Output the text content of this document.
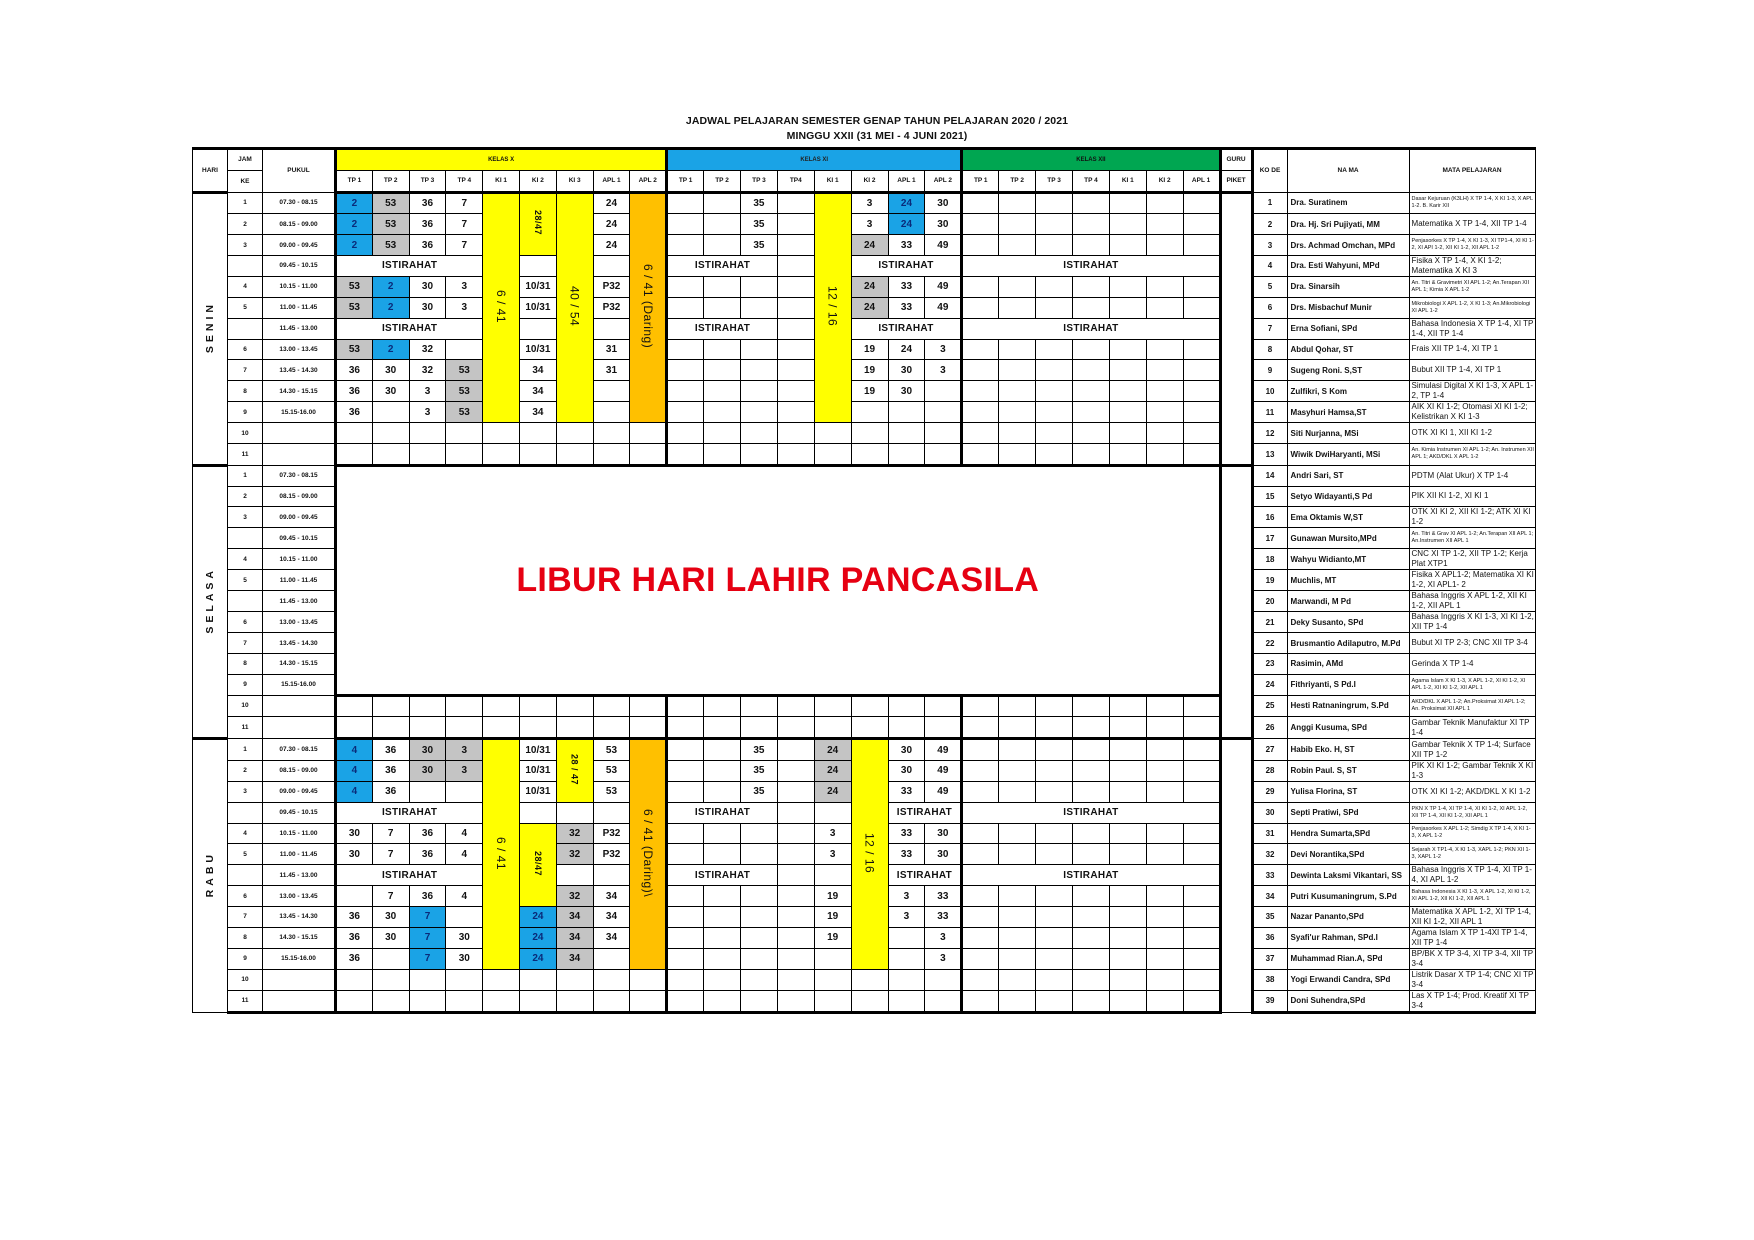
JADWAL PELAJARAN SEMESTER GENAP TAHUN PELAJARAN 2020 / 2021
MINGGU XXII (31 MEI - 4 JUNI 2021)
HARI	JAM	PUKUL	KELAS X									KELAS XI								KELAS XII							GURU	KO DE	NA MA	MATA PELAJARAN
	KE		TP 1	TP 2	TP 3	TP 4	KI 1	KI 2	KI 3	APL 1	APL 2	TP 1	TP 2	TP 3	TP4	KI 1	KI 2	APL 1	APL 2	TP 1	TP 2	TP 3	TP 4	KI 1	KI 2	APL 1	PIKET			
SENIN	1	07.30 - 08.15	2	53	36	7	6 / 41	28/47	40 / 54	24	6 / 41 (Daring)			35		12 / 16	3	24	30									1	Dra. Suratinem	Dasar Kejuruan (K3LH) X TP 1-4, X KI 1-3, X APL 1-2. B. Karir XII
	2	08.15 - 09.00	2	53	36	7				24				35			3	24	30									2	Dra. Hj. Sri Pujiyati, MM	Matematika X TP 1-4, XII TP 1-4
	3	09.00 - 09.45	2	53	36	7				24				35			24	33	49									3	Drs. Achmad Omchan, MPd	Penjasorkes X TP 1-4, X KI 1-3, XI TP1-4, XI KI 1-2, XI API 1-2, XII KI 1-2, XII APL 1-2
		09.45 - 10.15	ISTIRAHAT									ISTIRAHAT					ISTIRAHAT			ISTIRAHAT								4	Dra. Esti Wahyuni, MPd	Fisika X TP 1-4, X KI 1-2; Matematika X KI 3
	4	10.15 - 11.00	53	2	30	3		10/31		P32							24	33	49									5	Dra. Sinarsih	An. Titri & Gravimetri XI APL 1-2; An.Terapan XII APL 1; Kimia X APL 1-2
	5	11.00 - 11.45	53	2	30	3		10/31		P32							24	33	49									6	Drs. Misbachuf Munir	Mikrobiologi X APL 1-2, X KI 1-3; An.Mikrobiologi XI APL 1-2
		11.45 - 13.00	ISTIRAHAT									ISTIRAHAT					ISTIRAHAT			ISTIRAHAT								7	Erna Sofiani, SPd	Bahasa Indonesia X TP 1-4, XI TP 1-4, XII TP 1-4
	6	13.00 - 13.45	53	2	32			10/31		31							19	24	3									8	Abdul Qohar, ST	Frais XII TP 1-4, XI TP 1
	7	13.45 - 14.30	36	30	32	53		34		31							19	30	3									9	Sugeng Roni. S,ST	Bubut XII TP 1-4, XI TP 1
	8	14.30 - 15.15	36	30	3	53		34									19	30										10	Zulfikri, S Kom	Simulasi Digital X KI 1-3, X APL 1-2, TP 1-4
	9	15.15-16.00	36		3	53		34																				11	Masyhuri Hamsa,ST	AIK XI KI 1-2; Otomasi XI KI 1-2; Kelistrikan X KI 1-3
	10																											12	Siti Nurjanna, MSi	OTK XI KI 1, XII KI 1-2
	11																											13	Wiwik DwiHaryanti, MSi	An. Kimia Instrumen XI APL 1-2; An. Instrumen XII APL 1; AKD/DKL X APL 1-2
SELASA	1	07.30 - 08.15	LIBUR HARI LAHIR PANCASILA																									14	Andri Sari, ST	PDTM (Alat Ukur) X TP 1-4
	2	08.15 - 09.00																										15	Setyo Widayanti,S Pd	PIK XII KI 1-2, XI KI 1
	3	09.00 - 09.45																										16	Ema Oktamis W,ST	OTK XI KI 2, XII KI 1-2; ATK XI KI 1-2
		09.45 - 10.15																										17	Gunawan Mursito,MPd	An. Titri & Grav XI APL 1-2; An.Terapan XII APL 1; An.Instrumen XII APL 1
	4	10.15 - 11.00																										18	Wahyu Widianto,MT	CNC XI TP 1-2, XII TP 1-2; Kerja Plat XTP1
	5	11.00 - 11.45																										19	Muchlis, MT	Fisika X APL1-2; Matematika XI KI 1-2, XI APL1- 2
		11.45 - 13.00																										20	Marwandi, M Pd	Bahasa Inggris X APL 1-2, XII KI 1-2, XII APL 1
	6	13.00 - 13.45																										21	Deky Susanto, SPd	Bahasa Inggris X KI 1-3, XI KI 1-2, XII TP 1-4
	7	13.45 - 14.30																										22	Brusmantio Adilaputro, M.Pd	Bubut XI TP 2-3; CNC XII TP 3-4
	8	14.30 - 15.15																										23	Rasimin, AMd	Gerinda X TP 1-4
	9	15.15-16.00																										24	Fithriyanti, S Pd.I	Agama Islam X KI 1-3, X APL 1-2, XI KI 1-2, XI APL 1-2, XII KI 1-2, XII APL 1
	10																											25	Hesti Ratnaningrum, S.Pd	AKD/DKL X APL 1-2; An.Proksimat XI APL 1-2; An. Proksimat XII APL 1
	11																											26	Anggi Kusuma, SPd	Gambar Teknik Manufaktur XI TP 1-4
RABU	1	07.30 - 08.15	4	36	30	3	6 / 41	10/31	28 / 47	53	6 / 41 (Daring)\			35		24	12 / 16	30	49									27	Habib Eko. H, ST	Gambar Teknik X TP 1-4; Surface XII TP 1-2
	2	08.15 - 09.00	4	36	30	3		10/31		53				35		24		30	49									28	Robin Paul. S, ST	PIK XI KI 1-2; Gambar Teknik X KI 1-3
	3	09.00 - 09.45	4	36				10/31		53				35		24		33	49									29	Yulisa Florina, ST	OTK XI KI 1-2; AKD/DKL X KI 1-2
		09.45 - 10.15	ISTIRAHAT									ISTIRAHAT						ISTIRAHAT		ISTIRAHAT								30	Septi Pratiwi, SPd	PKN X TP 1-4, XI TP 1-4, XI KI 1-2, XI APL 1-2, XII TP 1-4, XII KI 1-2, XII APL 1
	4	10.15 - 11.00	30	7	36	4		28/47	32	P32						3		33	30									31	Hendra Sumarta,SPd	Penjasorkes X APL 1-2; Simdig X TP 1-4, X KI 1-3, X APL 1-2
	5	11.00 - 11.45	30	7	36	4			32	P32						3		33	30									32	Devi Norantika,SPd	Sejarah X TP1-4, X KI 1-3, XAPL 1-2; PKN XII 1-3, XAPL 1-2
		11.45 - 13.00	ISTIRAHAT									ISTIRAHAT						ISTIRAHAT		ISTIRAHAT								33	Dewinta Laksmi Vikantari, SS	Bahasa Inggris X TP 1-4, XI TP 1-4, XI APL 1-2
	6	13.00 - 13.45		7	36	4			32	34						19		3	33									34	Putri Kusumaningrum, S.Pd	Bahasa Indonesia X KI 1-3, X APL 1-2, XI KI 1-2, XI APL 1-2, XII KI 1-2, XII APL 1
	7	13.45 - 14.30	36	30	7			24	34	34						19		3	33									35	Nazar Pananto,SPd	Matematika X APL 1-2, XI TP 1-4, XII KI 1-2, XII APL 1
	8	14.30 - 15.15	36	30	7	30		24	34	34						19			3									36	Syafi'ur Rahman, SPd.I	Agama Islam X TP 1-4XI TP 1-4, XII TP 1-4
	9	15.15-16.00	36		7	30		24	34										3									37	Muhammad Rian.A, SPd	BP/BK X TP 3-4, XI TP 3-4, XII TP 3-4
	10																											38	Yogi Erwandi Candra, SPd	Listrik Dasar X TP 1-4; CNC XI TP 3-4
	11																											39	Doni Suhendra,SPd	Las X TP 1-4; Prod. Kreatif XI TP 3-4
